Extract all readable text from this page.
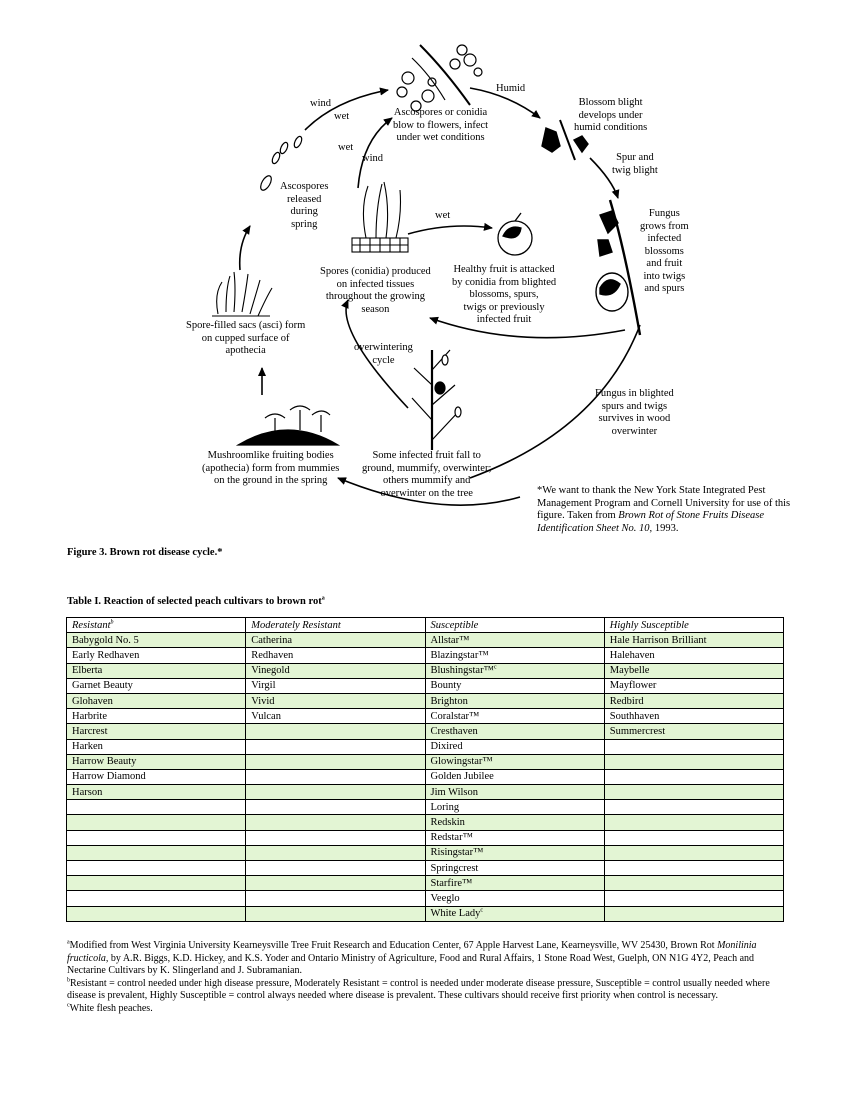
Humid
wind
wet
wet
wind
wet
Ascospores or conidia
blow to flowers, infect
under wet conditions
Blossom blight
develops under
humid conditions
Spur and
twig blight
Fungus
grows from
infected
blossoms
and fruit
into twigs
and spurs
Ascospores
released
during
spring
Spores (conidia) produced
on infected tissues
throughout the growing
season
Healthy fruit is attacked
by conidia from blighted
blossoms, spurs,
twigs or previously
infected fruit
Spore-filled sacs (asci) form
on cupped surface of
apothecia	overwintering
cycle
Fungus in blighted
spurs and twigs
survives in wood
overwinter
Mushroomlike fruiting bodies
(apothecia) form from mummies
on the ground in the spring
Some infected fruit fall to
ground, mummify, overwinter;
others mummify and
overwinter on the tree	*We want to thank the New York State Integrated Pest Management Program and Cornell University for use of this figure. Taken from Brown Rot of Stone Fruits Disease Identification Sheet No. 10, 1993.
Figure 3. Brown rot disease cycle.*
Table I. Reaction of selected peach cultivars to brown rot$^a$
Resistant$^b$	Moderately Resistant	Susceptible	Highly Susceptible
Babygold No. 5	Catherina	Allstar™	Hale Harrison Brilliant
Early Redhaven	Redhaven	Blazingstar™	Halehaven
Elberta	Vinegold	Blushingstar™$^c$	Maybelle
Garnet Beauty	Virgil	Bounty	Mayflower
Glohaven	Vivid	Brighton	Redbird
Harbrite	Vulcan	Coralstar™	Southhaven
Harcrest		Cresthaven	Summercrest
Harken		Dixired	
Harrow Beauty		Glowingstar™	
Harrow Diamond		Golden Jubilee	
Harson		Jim Wilson	
		Loring	
		Redskin	
		Redstar™	
		Risingstar™	
		Springcrest	
		Starfire™	
		Veeglo	
		White Lady$^c$	

$^a$Modified from West Virginia University Kearneysville Tree Fruit Research and Education Center, 67 Apple Harvest Lane, Kearneysville, WV 25430, Brown Rot Monilinia fructicola, by A.R. Biggs, K.D. Hickey, and K.S. Yoder and Ontario Ministry of Agriculture, Food and Rural Affairs, 1 Stone Road West, Guelph, ON N1G 4Y2, Peach and Nectarine Cultivars by K. Slingerland and J. Subramanian.

$^b$Resistant = control needed under high disease pressure, Moderately Resistant = control is needed under moderate disease pressure, Susceptible = control usually needed where disease is prevalent, Highly Susceptible = control always needed where disease is prevalent. These cultivars should receive first priority when control is necessary.

$^c$White flesh peaches.
